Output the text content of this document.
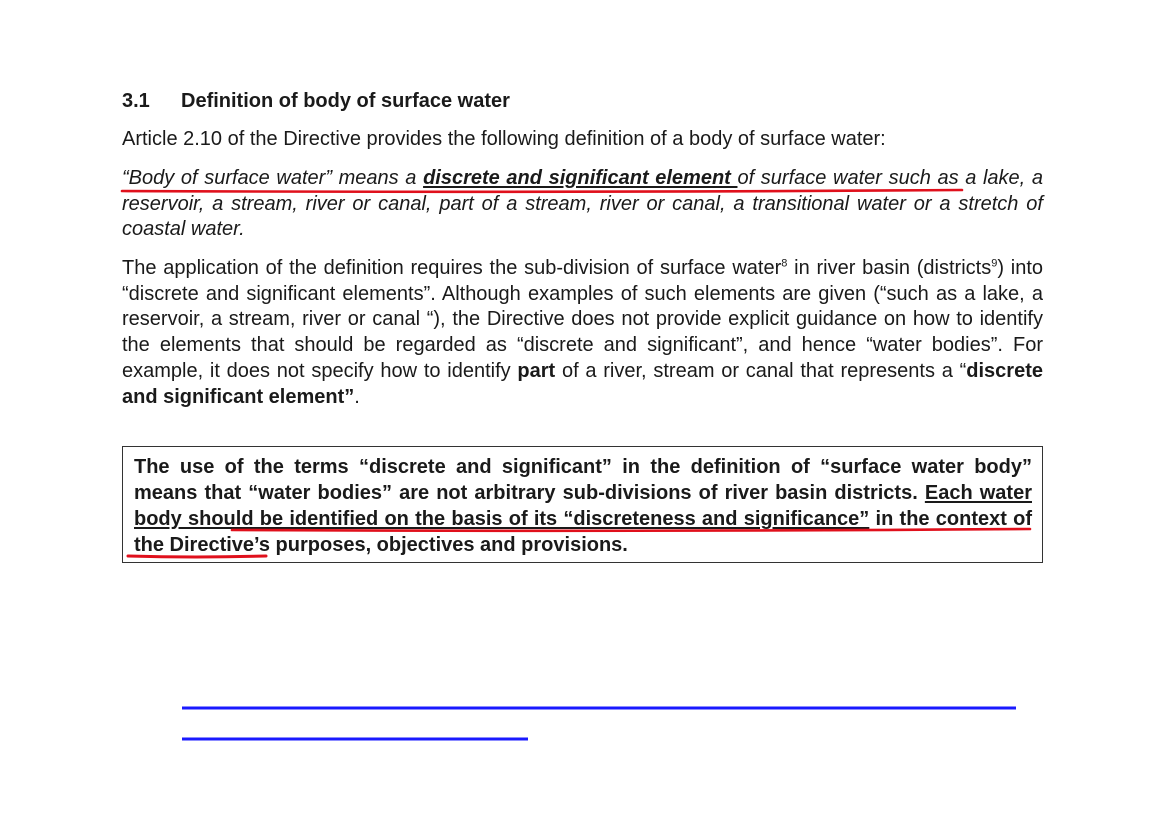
3.1 Definition of body of surface water
Article 2.10 of the Directive provides the following definition of a body of surface water:
“Body of surface water” means a discrete and significant element of surface water such as a lake, a reservoir, a stream, river or canal, part of a stream, river or canal, a transitional water or a stretch of coastal water.
The application of the definition requires the sub-division of surface water$^8$ in river basin (districts$^9$) into “discrete and significant elements”. Although examples of such elements are given (“such as a lake, a reservoir, a stream, river or canal “), the Directive does not provide explicit guidance on how to identify the elements that should be regarded as “discrete and significant”, and hence “water bodies”. For example, it does not specify how to identify part of a river, stream or canal that represents a “discrete and significant element”.
The use of the terms “discrete and significant” in the definition of “surface water body” means that “water bodies” are not arbitrary sub-divisions of river basin districts. Each water body should be identified on the basis of its “discreteness and significance” in the context of the Directive’s purposes, objectives and provisions.
